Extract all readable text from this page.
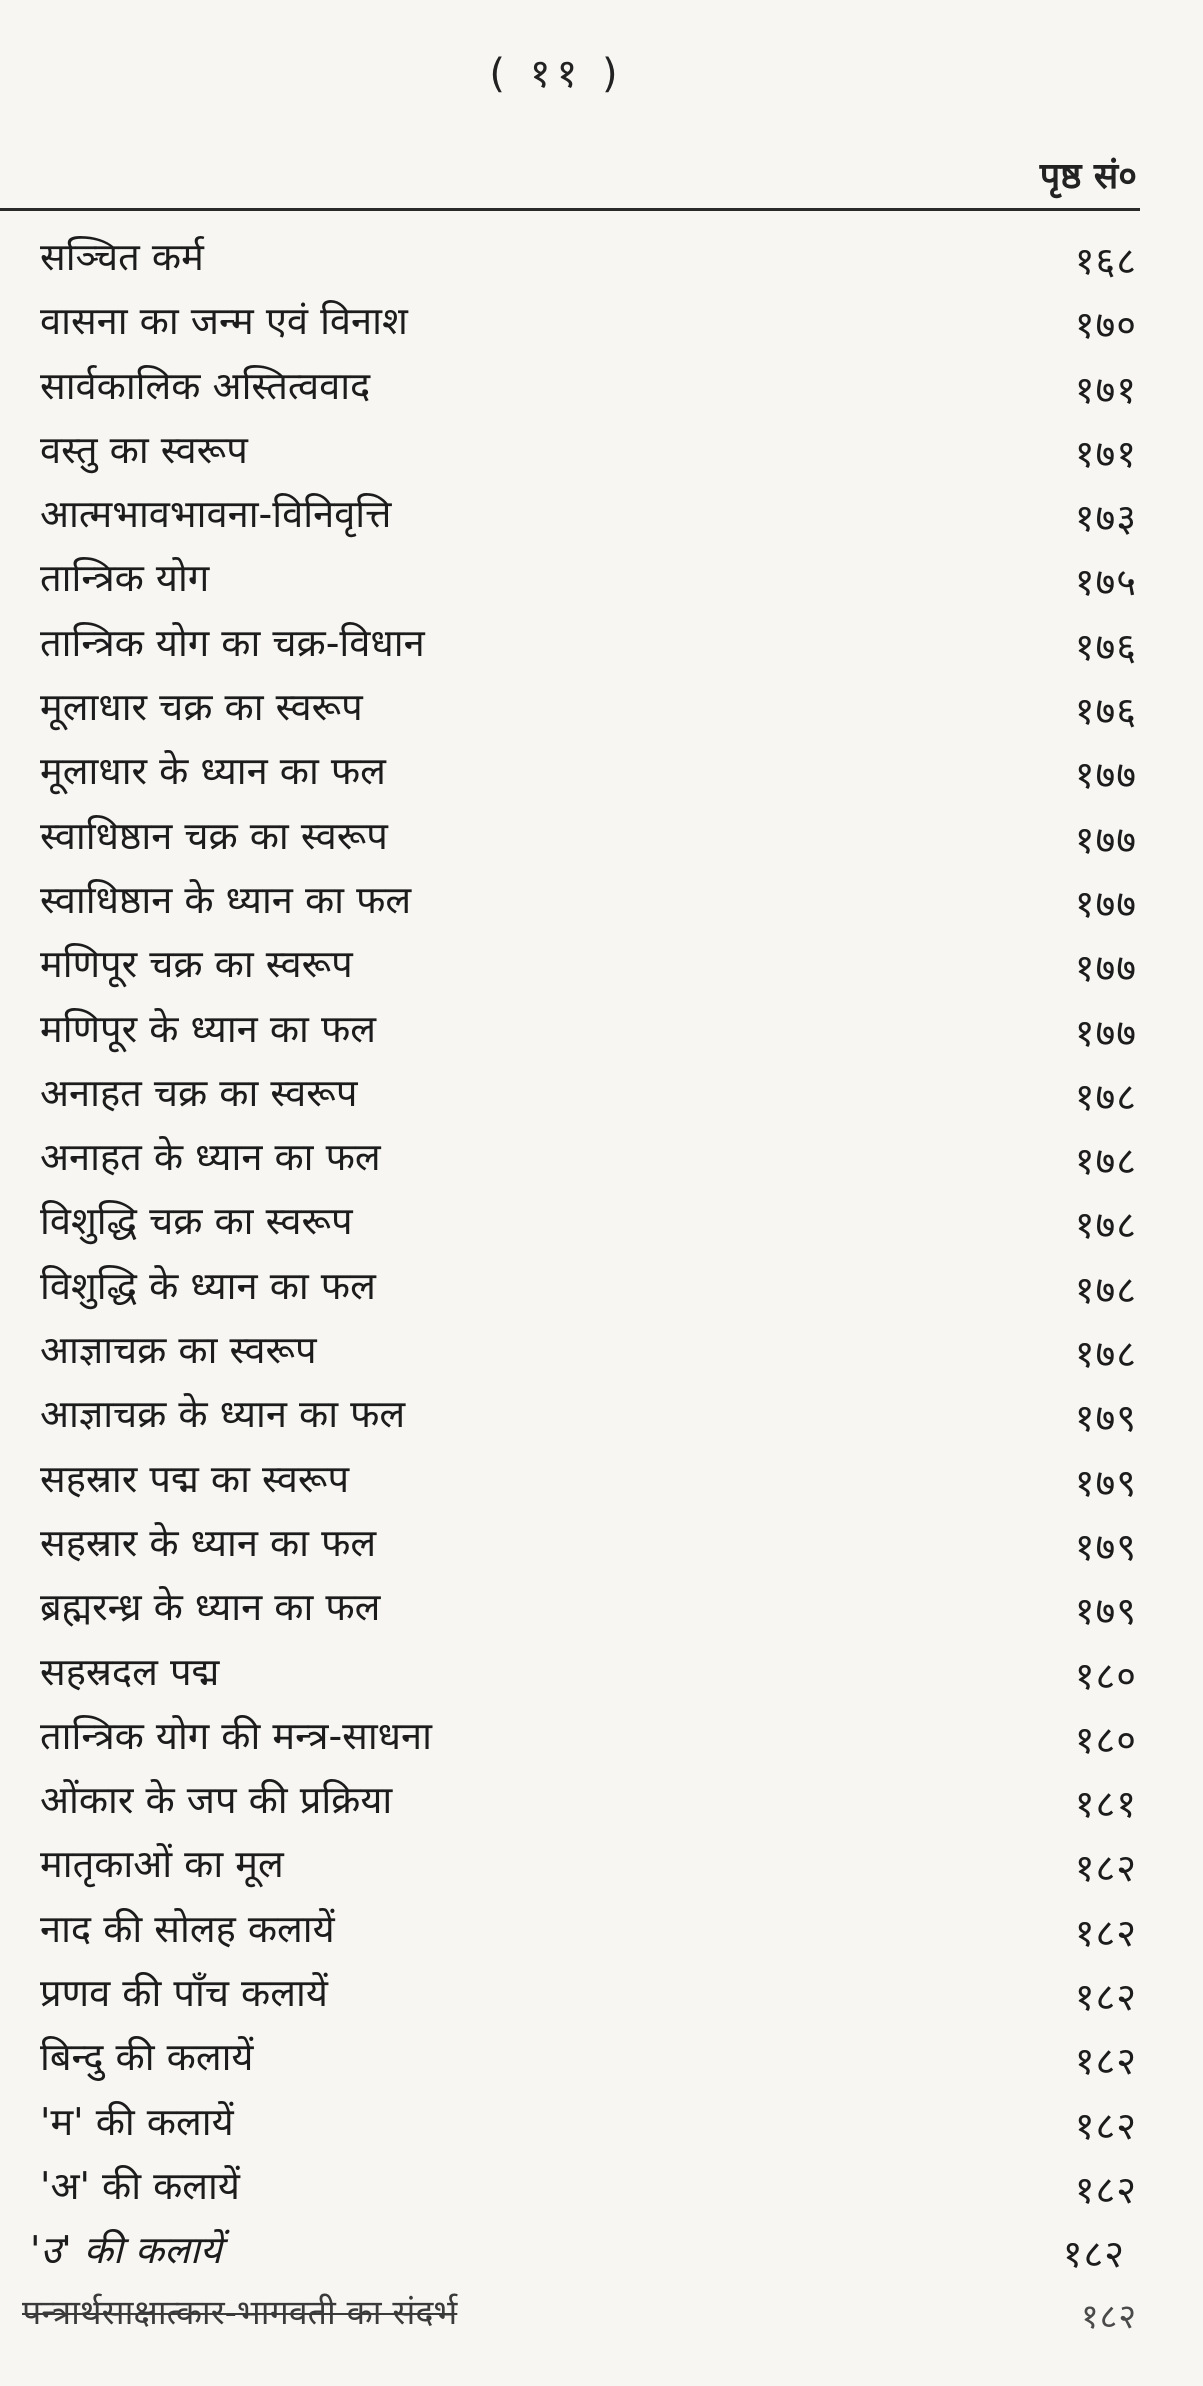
( ११ )
पृष्ठ सं०
सञ्चित कर्म	१६८
वासना का जन्म एवं विनाश	१७०
सार्वकालिक अस्तित्ववाद	१७१
वस्तु का स्वरूप	१७१
आत्मभावभावना-विनिवृत्ति	१७३
तान्त्रिक योग	१७५
तान्त्रिक योग का चक्र-विधान	१७६
मूलाधार चक्र का स्वरूप	१७६
मूलाधार के ध्यान का फल	१७७
स्वाधिष्ठान चक्र का स्वरूप	१७७
स्वाधिष्ठान के ध्यान का फल	१७७
मणिपूर चक्र का स्वरूप	१७७
मणिपूर के ध्यान का फल	१७७
अनाहत चक्र का स्वरूप	१७८
अनाहत के ध्यान का फल	१७८
विशुद्धि चक्र का स्वरूप	१७८
विशुद्धि के ध्यान का फल	१७८
आज्ञाचक्र का स्वरूप	१७८
आज्ञाचक्र के ध्यान का फल	१७९
सहस्रार पद्म का स्वरूप	१७९
सहस्रार के ध्यान का फल	१७९
ब्रह्मरन्ध्र के ध्यान का फल	१७९
सहस्रदल पद्म	१८०
तान्त्रिक योग की मन्त्र-साधना	१८०
ओंकार के जप की प्रक्रिया	१८१
मातृकाओं का मूल	१८२
नाद की सोलह कलायें	१८२
प्रणव की पाँच कलायें	१८२
बिन्दु की कलायें	१८२
'म' की कलायें	१८२
'अ' की कलायें	१८२
'उ' की कलायें	१८२
पन्त्रार्थसाक्षात्कार-भागवती का संदर्भ	१८२
